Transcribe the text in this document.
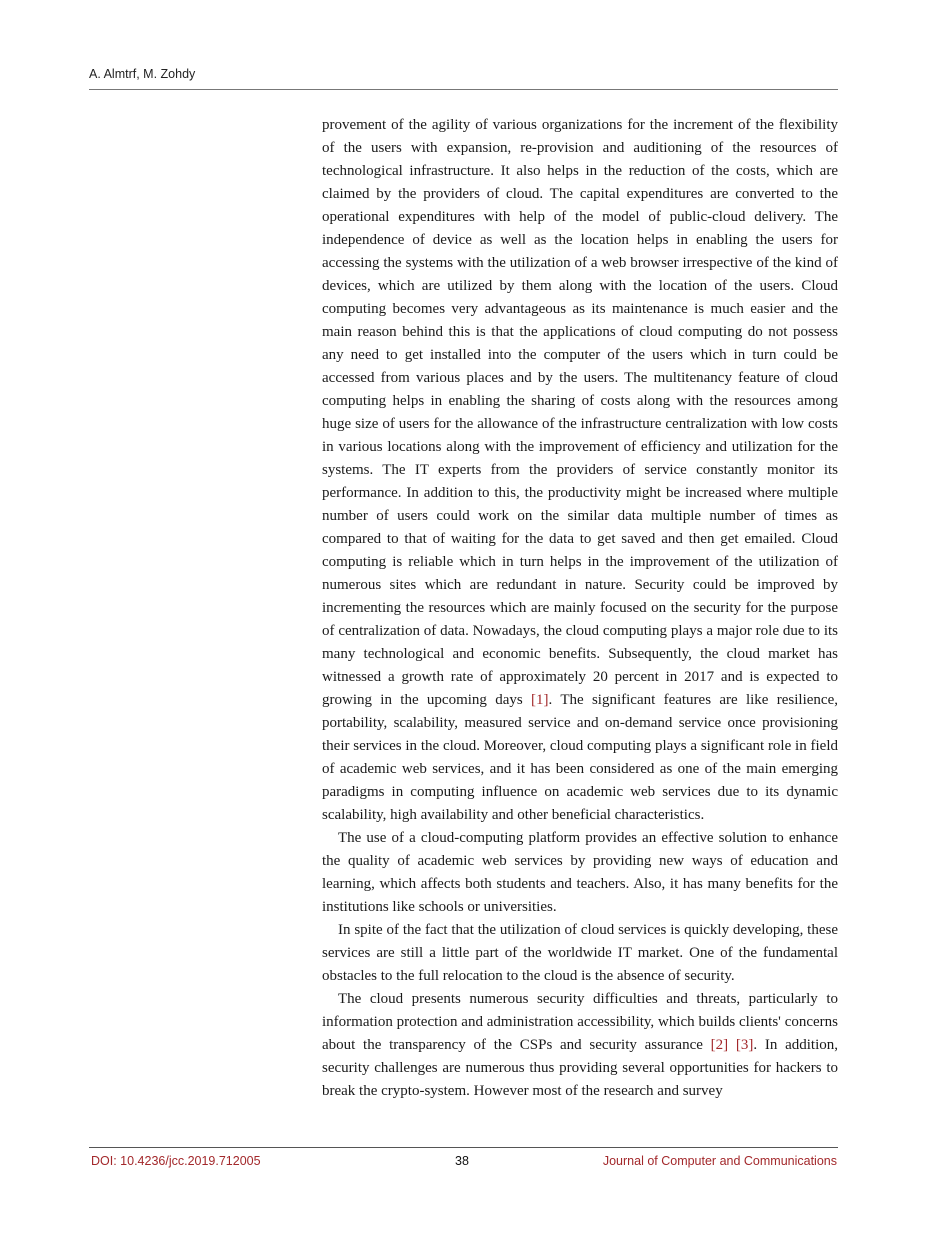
A. Almtrf, M. Zohdy

provement of the agility of various organizations for the increment of the flexibility of the users with expansion, re-provision and auditioning of the resources of technological infrastructure. It also helps in the reduction of the costs, which are claimed by the providers of cloud. The capital expenditures are converted to the operational expenditures with help of the model of public-cloud delivery. The independence of device as well as the location helps in enabling the users for accessing the systems with the utilization of a web browser irrespective of the kind of devices, which are utilized by them along with the location of the users. Cloud computing becomes very advantageous as its maintenance is much easier and the main reason behind this is that the applications of cloud computing do not possess any need to get installed into the computer of the users which in turn could be accessed from various places and by the users. The multitenancy feature of cloud computing helps in enabling the sharing of costs along with the resources among huge size of users for the allowance of the infrastructure centralization with low costs in various locations along with the improvement of efficiency and utilization for the systems. The IT experts from the providers of service constantly monitor its performance. In addition to this, the productivity might be increased where multiple number of users could work on the similar data multiple number of times as compared to that of waiting for the data to get saved and then get emailed. Cloud computing is reliable which in turn helps in the improvement of the utilization of numerous sites which are redundant in nature. Security could be improved by incrementing the resources which are mainly focused on the security for the purpose of centralization of data. Nowadays, the cloud computing plays a major role due to its many technological and economic benefits. Subsequently, the cloud market has witnessed a growth rate of approximately 20 percent in 2017 and is expected to growing in the upcoming days [1]. The significant features are like resilience, portability, scalability, measured service and on-demand service once provisioning their services in the cloud. Moreover, cloud computing plays a significant role in field of academic web services, and it has been considered as one of the main emerging paradigms in computing influence on academic web services due to its dynamic scalability, high availability and other beneficial characteristics.

The use of a cloud-computing platform provides an effective solution to enhance the quality of academic web services by providing new ways of education and learning, which affects both students and teachers. Also, it has many benefits for the institutions like schools or universities.

In spite of the fact that the utilization of cloud services is quickly developing, these services are still a little part of the worldwide IT market. One of the fundamental obstacles to the full relocation to the cloud is the absence of security.

The cloud presents numerous security difficulties and threats, particularly to information protection and administration accessibility, which builds clients' concerns about the transparency of the CSPs and security assurance [2] [3]. In addition, security challenges are numerous thus providing several opportunities for hackers to break the crypto-system. However most of the research and survey

DOI: 10.4236/jcc.2019.712005	38	Journal of Computer and Communications
